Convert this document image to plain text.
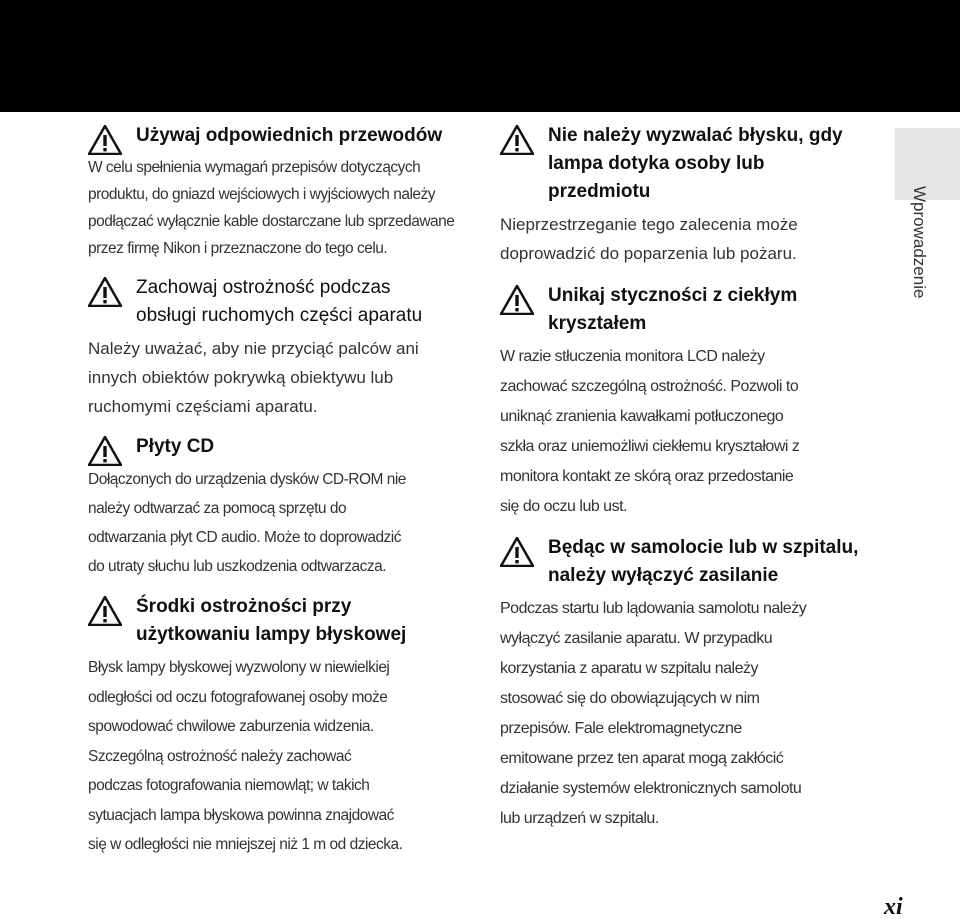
Wprowadzenie
Używaj odpowiednich przewodów
W celu spełnienia wymagań przepisów dotyczących
produktu, do gniazd wejściowych i wyjściowych należy
podłączać wyłącznie kable dostarczane lub sprzedawane
przez firmę Nikon i przeznaczone do tego celu.
Zachowaj ostrożność podczas
obsługi ruchomych części aparatu
Należy uważać, aby nie przyciąć palców ani
innych obiektów pokrywką obiektywu lub
ruchomymi częściami aparatu.
Płyty CD
Dołączonych do urządzenia dysków CD-ROM nie
należy odtwarzać za pomocą sprzętu do
odtwarzania płyt CD audio. Może to doprowadzić
do utraty słuchu lub uszkodzenia odtwarzacza.
Środki ostrożności przy
użytkowaniu lampy błyskowej
Błysk lampy błyskowej wyzwolony w niewielkiej
odległości od oczu fotografowanej osoby może
spowodować chwilowe zaburzenia widzenia.
Szczególną ostrożność należy zachować
podczas fotografowania niemowląt; w takich
sytuacjach lampa błyskowa powinna znajdować
się w odległości nie mniejszej niż 1 m od dziecka.
Nie należy wyzwalać błysku, gdy
lampa dotyka osoby lub
przedmiotu
Nieprzestrzeganie tego zalecenia może
doprowadzić do poparzenia lub pożaru.
Unikaj styczności z ciekłym
kryształem
W razie stłuczenia monitora LCD należy
zachować szczególną ostrożność. Pozwoli to
uniknąć zranienia kawałkami potłuczonego
szkła oraz uniemożliwi ciekłemu kryształowi z
monitora kontakt ze skórą oraz przedostanie
się do oczu lub ust.
Będąc w samolocie lub w szpitalu,
należy wyłączyć zasilanie
Podczas startu lub lądowania samolotu należy
wyłączyć zasilanie aparatu. W przypadku
korzystania z aparatu w szpitalu należy
stosować się do obowiązujących w nim
przepisów. Fale elektromagnetyczne
emitowane przez ten aparat mogą zakłócić
działanie systemów elektronicznych samolotu
lub urządzeń w szpitalu.
xi
